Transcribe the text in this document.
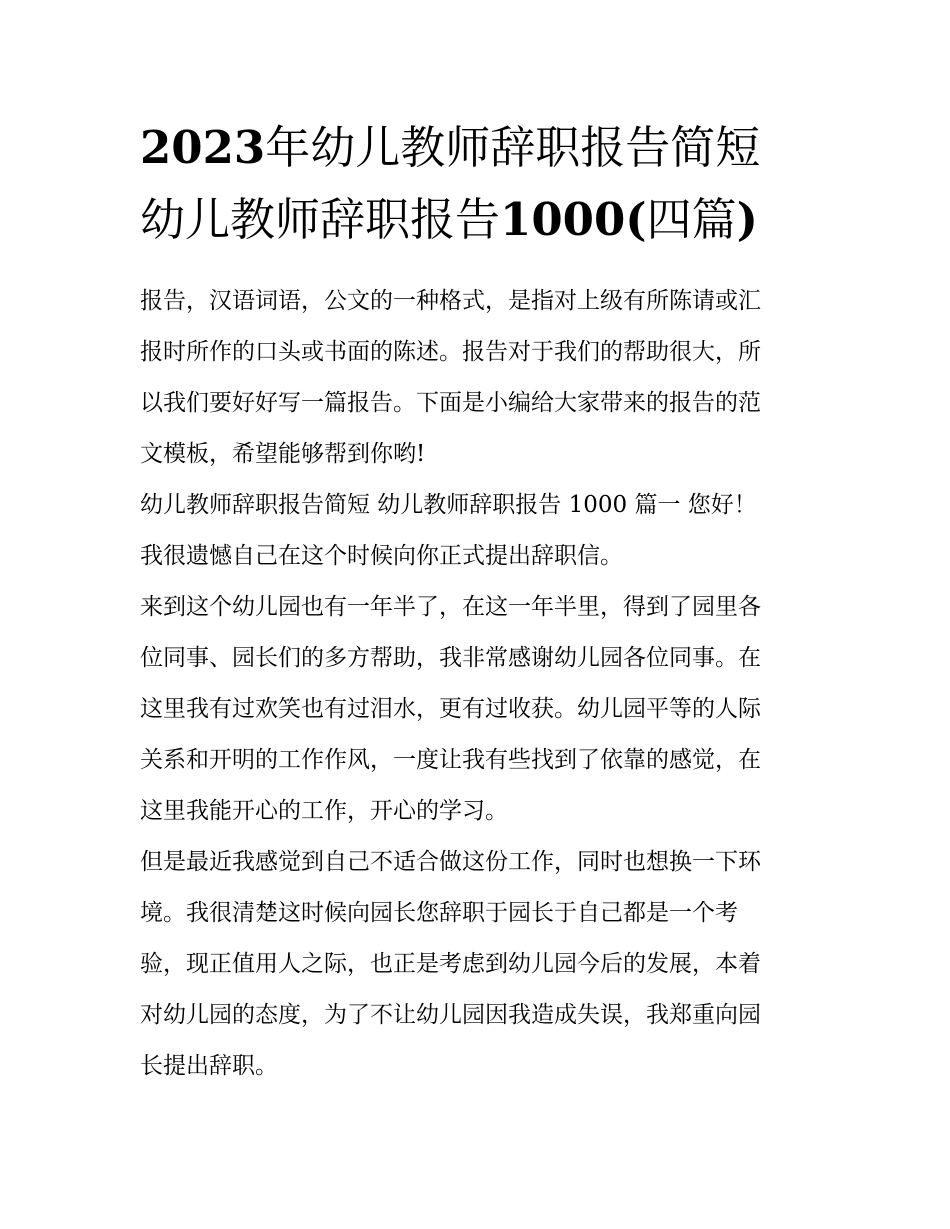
2023年幼儿教师辞职报告简短
幼儿教师辞职报告1000(四篇)

报告，汉语词语，公文的一种格式，是指对上级有所陈请或汇
报时所作的口头或书面的陈述。报告对于我们的帮助很大，所
以我们要好好写一篇报告。下面是小编给大家带来的报告的范
文模板，希望能够帮到你哟!

幼儿教师辞职报告简短 幼儿教师辞职报告 1000 篇一 您好！

我很遗憾自己在这个时候向你正式提出辞职信。

来到这个幼儿园也有一年半了，在这一年半里，得到了园里各
位同事、园长们的多方帮助，我非常感谢幼儿园各位同事。在
这里我有过欢笑也有过泪水，更有过收获。幼儿园平等的人际
关系和开明的工作作风，一度让我有些找到了依靠的感觉，在
这里我能开心的工作，开心的学习。

但是最近我感觉到自己不适合做这份工作，同时也想换一下环
境。我很清楚这时候向园长您辞职于园长于自己都是一个考
验，现正值用人之际，也正是考虑到幼儿园今后的发展，本着
对幼儿园的态度，为了不让幼儿园因我造成失误，我郑重向园
长提出辞职。
